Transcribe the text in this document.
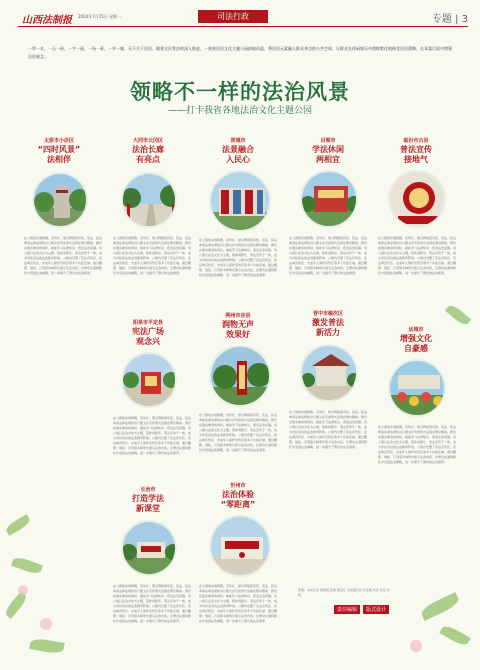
山西法制报 2024年7月15日 星期一	司法行政	专题 | 3
一草一木，一石一砖，一字一画，一场一景，一亭一廊，无不关于法治。随着全民普法的深入推进，一座座法治文化主题公园拔地而起，将法治元素融入群众身边的公共空间，让群众在休闲娱乐中潜移默化地接受法治熏陶，在耳濡目染中增强法治观念。
领略不一样的法治风景
——打卡我省各地法治文化主题公园
太原市小店区
“四时风景”
法相伴
在公园的步道两侧，宣传栏、展示牌错落有致，宪法、民法典等法律法规知识以图文并茂的形式呈现在群众眼前。群众在散步健身的同时，就能学习法律知识、感受法治氛围。该公园以法治文化为主题，集休闲娱乐、普法宣传于一体，成为市民身边的法治教育阵地。公园内设置了宪法宣传区、民法典宣传区、未成年人保护宣传区等多个功能区域，通过雕塑、展板、石刻等多种形式展示法治内容，让群众在潜移默化中受到法治熏陶，进一步提升了群众的法治素养。
大同市云冈区
法治长廊
有亮点
在公园的步道两侧，宣传栏、展示牌错落有致，宪法、民法典等法律法规知识以图文并茂的形式呈现在群众眼前。群众在散步健身的同时，就能学习法律知识、感受法治氛围。该公园以法治文化为主题，集休闲娱乐、普法宣传于一体，成为市民身边的法治教育阵地。公园内设置了宪法宣传区、民法典宣传区、未成年人保护宣传区等多个功能区域，通过雕塑、展板、石刻等多种形式展示法治内容，让群众在潜移默化中受到法治熏陶，进一步提升了群众的法治素养。
阳泉市平定县
宪法广场
观念兴
在公园的步道两侧，宣传栏、展示牌错落有致，宪法、民法典等法律法规知识以图文并茂的形式呈现在群众眼前。群众在散步健身的同时，就能学习法律知识、感受法治氛围。该公园以法治文化为主题，集休闲娱乐、普法宣传于一体，成为市民身边的法治教育阵地。公园内设置了宪法宣传区、民法典宣传区、未成年人保护宣传区等多个功能区域，通过雕塑、展板、石刻等多种形式展示法治内容，让群众在潜移默化中受到法治熏陶，进一步提升了群众的法治素养。
长治市
打造学法
新课堂
在公园的步道两侧，宣传栏、展示牌错落有致，宪法、民法典等法律法规知识以图文并茂的形式呈现在群众眼前。群众在散步健身的同时，就能学习法律知识、感受法治氛围。该公园以法治文化为主题，集休闲娱乐、普法宣传于一体，成为市民身边的法治教育阵地。公园内设置了宪法宣传区、民法典宣传区、未成年人保护宣传区等多个功能区域，通过雕塑、展板、石刻等多种形式展示法治内容，让群众在潜移默化中受到法治熏陶，进一步提升了群众的法治素养。
晋城市
法景融合
入民心
在公园的步道两侧，宣传栏、展示牌错落有致，宪法、民法典等法律法规知识以图文并茂的形式呈现在群众眼前。群众在散步健身的同时，就能学习法律知识、感受法治氛围。该公园以法治文化为主题，集休闲娱乐、普法宣传于一体，成为市民身边的法治教育阵地。公园内设置了宪法宣传区、民法典宣传区、未成年人保护宣传区等多个功能区域，通过雕塑、展板、石刻等多种形式展示法治内容，让群众在潜移默化中受到法治熏陶，进一步提升了群众的法治素养。
朔州市应县
润物无声
效果好
在公园的步道两侧，宣传栏、展示牌错落有致，宪法、民法典等法律法规知识以图文并茂的形式呈现在群众眼前。群众在散步健身的同时，就能学习法律知识、感受法治氛围。该公园以法治文化为主题，集休闲娱乐、普法宣传于一体，成为市民身边的法治教育阵地。公园内设置了宪法宣传区、民法典宣传区、未成年人保护宣传区等多个功能区域，通过雕塑、展板、石刻等多种形式展示法治内容，让群众在潜移默化中受到法治熏陶，进一步提升了群众的法治素养。
忻州市
法治体验
“零距离”
在公园的步道两侧，宣传栏、展示牌错落有致，宪法、民法典等法律法规知识以图文并茂的形式呈现在群众眼前。群众在散步健身的同时，就能学习法律知识、感受法治氛围。该公园以法治文化为主题，集休闲娱乐、普法宣传于一体，成为市民身边的法治教育阵地。公园内设置了宪法宣传区、民法典宣传区、未成年人保护宣传区等多个功能区域，通过雕塑、展板、石刻等多种形式展示法治内容，让群众在潜移默化中受到法治熏陶，进一步提升了群众的法治素养。
吕梁市
学法休闲
两相宜
在公园的步道两侧，宣传栏、展示牌错落有致，宪法、民法典等法律法规知识以图文并茂的形式呈现在群众眼前。群众在散步健身的同时，就能学习法律知识、感受法治氛围。该公园以法治文化为主题，集休闲娱乐、普法宣传于一体，成为市民身边的法治教育阵地。公园内设置了宪法宣传区、民法典宣传区、未成年人保护宣传区等多个功能区域，通过雕塑、展板、石刻等多种形式展示法治内容，让群众在潜移默化中受到法治熏陶，进一步提升了群众的法治素养。
晋中市榆次区
激发普法
新活力
在公园的步道两侧，宣传栏、展示牌错落有致，宪法、民法典等法律法规知识以图文并茂的形式呈现在群众眼前。群众在散步健身的同时，就能学习法律知识、感受法治氛围。该公园以法治文化为主题，集休闲娱乐、普法宣传于一体，成为市民身边的法治教育阵地。公园内设置了宪法宣传区、民法典宣传区、未成年人保护宣传区等多个功能区域，通过雕塑、展板、石刻等多种形式展示法治内容，让群众在潜移默化中受到法治熏陶，进一步提升了群众的法治素养。
整理：本报记者 周晓娟 张敏 曹亚红 本报通讯员 李亚楠 武浩 段斐 李婉
责任编辑 版式设计
临汾市古县
普法宣传
接地气
在公园的步道两侧，宣传栏、展示牌错落有致，宪法、民法典等法律法规知识以图文并茂的形式呈现在群众眼前。群众在散步健身的同时，就能学习法律知识、感受法治氛围。该公园以法治文化为主题，集休闲娱乐、普法宣传于一体，成为市民身边的法治教育阵地。公园内设置了宪法宣传区、民法典宣传区、未成年人保护宣传区等多个功能区域，通过雕塑、展板、石刻等多种形式展示法治内容，让群众在潜移默化中受到法治熏陶，进一步提升了群众的法治素养。
运城市
增强文化
自豪感
在公园的步道两侧，宣传栏、展示牌错落有致，宪法、民法典等法律法规知识以图文并茂的形式呈现在群众眼前。群众在散步健身的同时，就能学习法律知识、感受法治氛围。该公园以法治文化为主题，集休闲娱乐、普法宣传于一体，成为市民身边的法治教育阵地。公园内设置了宪法宣传区、民法典宣传区、未成年人保护宣传区等多个功能区域，通过雕塑、展板、石刻等多种形式展示法治内容，让群众在潜移默化中受到法治熏陶，进一步提升了群众的法治素养。
